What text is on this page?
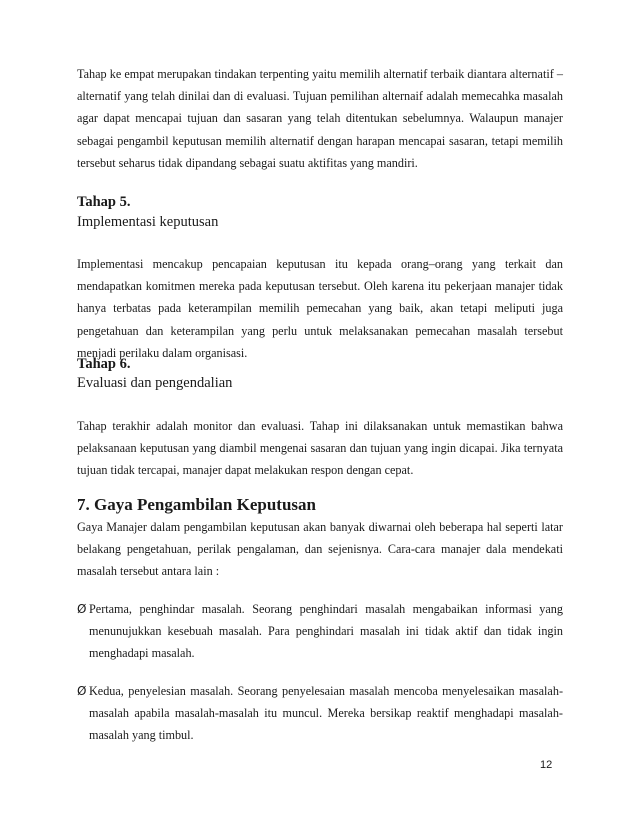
Tahap ke empat merupakan tindakan terpenting yaitu memilih alternatif terbaik diantara alternatif – alternatif yang telah dinilai dan di evaluasi. Tujuan pemilihan alternaif adalah memecahka masalah agar dapat mencapai tujuan dan sasaran yang telah ditentukan sebelumnya. Walaupun manajer sebagai pengambil keputusan memilih alternatif dengan harapan mencapai sasaran, tetapi memilih tersebut seharus tidak dipandang sebagai suatu aktifitas yang mandiri.

Tahap 5.

Implementasi keputusan

Implementasi mencakup pencapaian keputusan itu kepada orang–orang yang terkait dan mendapatkan komitmen mereka pada keputusan tersebut. Oleh karena itu pekerjaan manajer tidak hanya terbatas pada keterampilan memilih pemecahan yang baik, akan tetapi meliputi juga pengetahuan dan keterampilan yang perlu untuk melaksanakan pemecahan masalah tersebut menjadi perilaku dalam organisasi.

Tahap 6.

Evaluasi dan pengendalian

Tahap terakhir adalah monitor dan evaluasi. Tahap ini dilaksanakan untuk memastikan bahwa pelaksanaan keputusan yang diambil mengenai sasaran dan tujuan yang ingin dicapai. Jika ternyata tujuan tidak tercapai, manajer dapat melakukan respon dengan cepat.

7. Gaya Pengambilan Keputusan

Gaya Manajer dalam pengambilan keputusan akan banyak diwarnai oleh beberapa hal seperti latar belakang pengetahuan, perilak pengalaman, dan sejenisnya. Cara-cara manajer dala mendekati masalah tersebut antara lain :

Ø Pertama, penghindar masalah. Seorang penghindari masalah mengabaikan informasi yang menunujukkan kesebuah masalah. Para penghindari masalah ini tidak aktif dan tidak ingin menghadapi masalah.
Ø Kedua, penyelesian masalah. Seorang penyelesaian masalah mencoba menyelesaikan masalah-masalah apabila masalah-masalah itu muncul. Mereka bersikap reaktif menghadapi masalah-masalah yang timbul.
12
